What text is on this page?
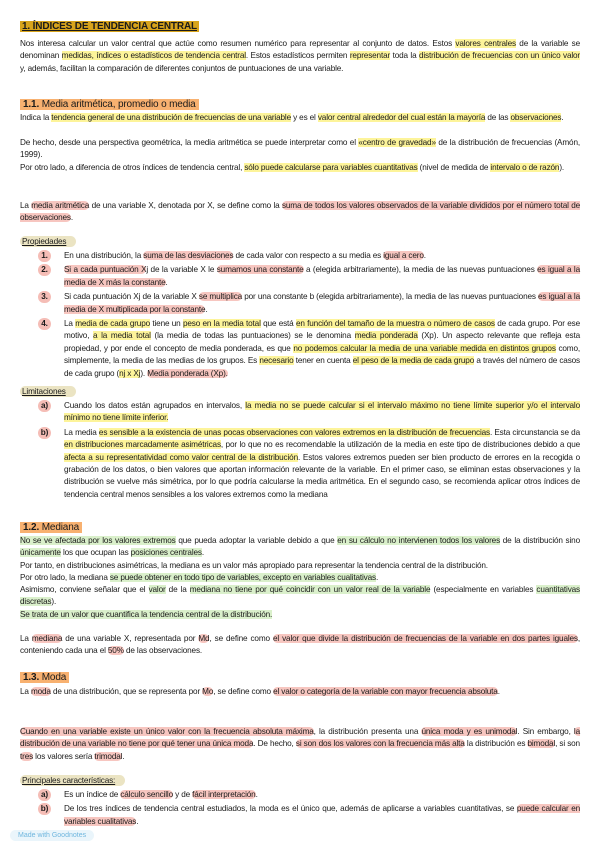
1. ÍNDICES DE TENDENCIA CENTRAL
Nos interesa calcular un valor central que actúe como resumen numérico para representar al conjunto de datos. Estos valores centrales de la variable se denominan medidas, índices o estadísticos de tendencia central. Estos estadísticos permiten representar toda la distribución de frecuencias con un único valor y, además, facilitan la comparación de diferentes conjuntos de puntuaciones de una variable.
1.1. Media aritmética, promedio o media
Indica la tendencia general de una distribución de frecuencias de una variable y es el valor central alrededor del cual están la mayoría de las observaciones.
De hecho, desde una perspectiva geométrica, la media aritmética se puede interpretar como el «centro de gravedad» de la distribución de frecuencias (Amón, 1999).
Por otro lado, a diferencia de otros índices de tendencia central, sólo puede calcularse para variables cuantitativas (nivel de medida de intervalo o de razón).
La media aritmética de una variable X, denotada por X, se define como la suma de todos los valores observados de la variable divididos por el número total de observaciones.
Propiedades
1.	En una distribución, la suma de las desviaciones de cada valor con respecto a su media es igual a cero.
2.	Si a cada puntuación Xj de la variable X le sumamos una constante a (elegida arbitrariamente), la media de las nuevas puntuaciones es igual a la media de X más la constante.
3.	Si cada puntuación Xj de la variable X se multiplica por una constante b (elegida arbitrariamente), la media de las nuevas puntuaciones es igual a la media de X multiplicada por la constante.
4.	La media de cada grupo tiene un peso en la media total que está en función del tamaño de la muestra o número de casos de cada grupo. Por ese motivo, a la media total (la media de todas las puntuaciones) se le denomina media ponderada (Xp). Un aspecto relevante que refleja esta propiedad, y por ende el concepto de media ponderada, es que no podemos calcular la media de una variable medida en distintos grupos como, simplemente, la media de las medias de los grupos. Es necesario tener en cuenta el peso de la media de cada grupo a través del número de casos de cada grupo (nj x Xj). Media ponderada (Xp).
Limitaciones
a)	Cuando los datos están agrupados en intervalos, la media no se puede calcular si el intervalo máximo no tiene límite superior y/o el intervalo mínimo no tiene límite inferior.
b)	La media es sensible a la existencia de unas pocas observaciones con valores extremos en la distribución de frecuencias. Esta circunstancia se da en distribuciones marcadamente asimétricas, por lo que no es recomendable la utilización de la media en este tipo de distribuciones debido a que afecta a su representatividad como valor central de la distribución. Estos valores extremos pueden ser bien producto de errores en la recogida o grabación de los datos, o bien valores que aportan información relevante de la variable. En el primer caso, se eliminan estas observaciones y la distribución se vuelve más simétrica, por lo que podría calcularse la media aritmética. En el segundo caso, se recomienda aplicar otros índices de tendencia central menos sensibles a los valores extremos como la mediana
1.2. Mediana
No se ve afectada por los valores extremos que pueda adoptar la variable debido a que en su cálculo no intervienen todos los valores de la distribución sino únicamente los que ocupan las posiciones centrales.
Por tanto, en distribuciones asimétricas, la mediana es un valor más apropiado para representar la tendencia central de la distribución.
Por otro lado, la mediana se puede obtener en todo tipo de variables, excepto en variables cualitativas.
Asimismo, conviene señalar que el valor de la mediana no tiene por qué coincidir con un valor real de la variable (especialmente en variables cuantitativas discretas).
Se trata de un valor que cuantifica la tendencia central de la distribución.
La mediana de una variable X, representada por Md, se define como el valor que divide la distribución de frecuencias de la variable en dos partes iguales, conteniendo cada una el 50% de las observaciones.
1.3. Moda
La moda de una distribución, que se representa por Mo, se define como el valor o categoría de la variable con mayor frecuencia absoluta.
Cuando en una variable existe un único valor con la frecuencia absoluta máxima, la distribución presenta una única moda y es unimodal. Sin embargo, la distribución de una variable no tiene por qué tener una única moda. De hecho, si son dos los valores con la frecuencia más alta la distribución es bimodal, si son tres los valores sería trimodal.
Principales características:
a)	Es un índice de cálculo sencillo y de fácil interpretación.
b)	De los tres índices de tendencia central estudiados, la moda es el único que, además de aplicarse a variables cuantitativas, se puede calcular en variables cualitativas.
Made with Goodnotes
